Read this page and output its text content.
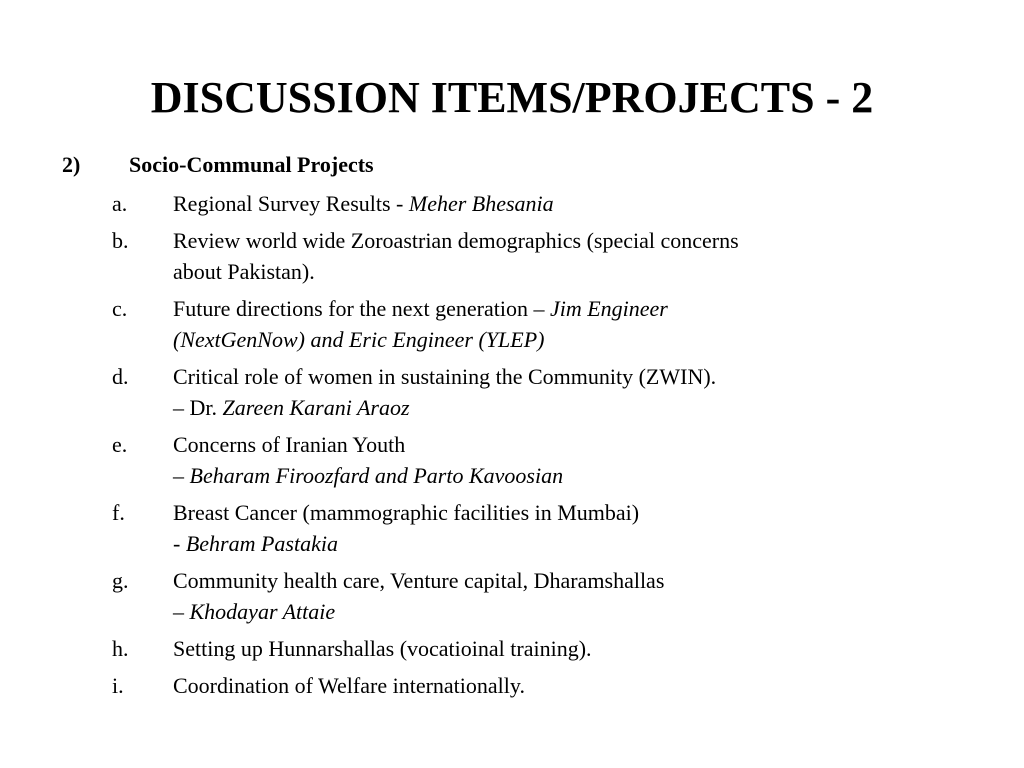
DISCUSSION ITEMS/PROJECTS - 2
2) Socio-Communal Projects
a. Regional Survey Results - Meher Bhesania
b. Review world wide Zoroastrian demographics (special concerns
about Pakistan).
c. Future directions for the next generation – Jim Engineer
(NextGenNow) and Eric Engineer (YLEP)
d. Critical role of women in sustaining the Community (ZWIN).
– Dr. Zareen Karani Araoz
e. Concerns of Iranian Youth
– Beharam Firoozfard and Parto Kavoosian
f. Breast Cancer (mammographic facilities in Mumbai)
- Behram Pastakia
g. Community health care, Venture capital, Dharamshallas
– Khodayar Attaie
h. Setting up Hunnarshallas (vocatioinal training).
i. Coordination of Welfare internationally.
